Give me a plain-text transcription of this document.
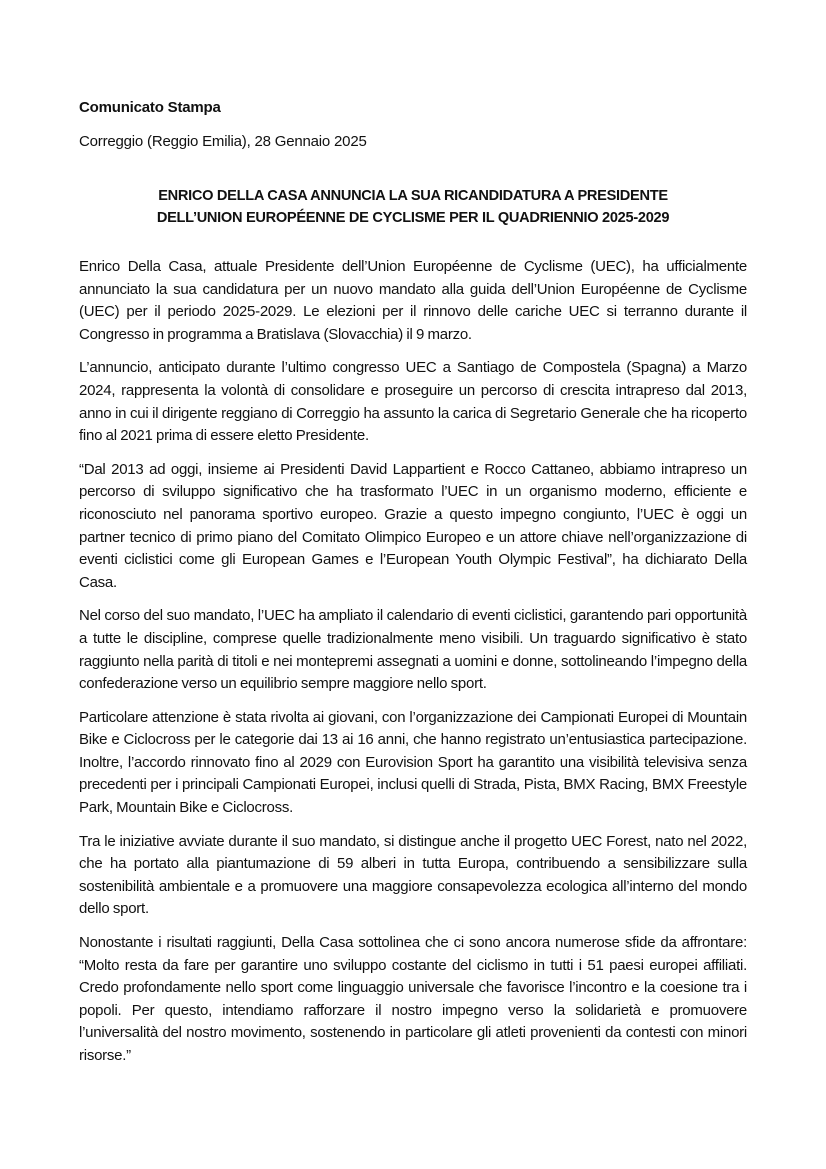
Comunicato Stampa

Correggio (Reggio Emilia), 28 Gennaio 2025

ENRICO DELLA CASA ANNUNCIA LA SUA RICANDIDATURA A PRESIDENTE
DELL’UNION EUROPÉENNE DE CYCLISME PER IL QUADRIENNIO 2025-2029

Enrico Della Casa, attuale Presidente dell’Union Européenne de Cyclisme (UEC), ha ufficialmente annunciato la sua candidatura per un nuovo mandato alla guida dell’Union Européenne de Cyclisme (UEC) per il periodo 2025-2029. Le elezioni per il rinnovo delle cariche UEC si terranno durante il Congresso in programma a Bratislava (Slovacchia) il 9 marzo.

L’annuncio, anticipato durante l’ultimo congresso UEC a Santiago de Compostela (Spagna) a Marzo 2024, rappresenta la volontà di consolidare e proseguire un percorso di crescita intrapreso dal 2013, anno in cui il dirigente reggiano di Correggio ha assunto la carica di Segretario Generale che ha ricoperto fino al 2021 prima di essere eletto Presidente.

“Dal 2013 ad oggi, insieme ai Presidenti David Lappartient e Rocco Cattaneo, abbiamo intrapreso un percorso di sviluppo significativo che ha trasformato l’UEC in un organismo moderno, efficiente e riconosciuto nel panorama sportivo europeo. Grazie a questo impegno congiunto, l’UEC è oggi un partner tecnico di primo piano del Comitato Olimpico Europeo e un attore chiave nell’organizzazione di eventi ciclistici come gli European Games e l’European Youth Olympic Festival”, ha dichiarato Della Casa.

Nel corso del suo mandato, l’UEC ha ampliato il calendario di eventi ciclistici, garantendo pari opportunità a tutte le discipline, comprese quelle tradizionalmente meno visibili. Un traguardo significativo è stato raggiunto nella parità di titoli e nei montepremi assegnati a uomini e donne, sottolineando l’impegno della confederazione verso un equilibrio sempre maggiore nello sport.

Particolare attenzione è stata rivolta ai giovani, con l’organizzazione dei Campionati Europei di Mountain Bike e Ciclocross per le categorie dai 13 ai 16 anni, che hanno registrato un’entusiastica partecipazione. Inoltre, l’accordo rinnovato fino al 2029 con Eurovision Sport ha garantito una visibilità televisiva senza precedenti per i principali Campionati Europei, inclusi quelli di Strada, Pista, BMX Racing, BMX Freestyle Park, Mountain Bike e Ciclocross.

Tra le iniziative avviate durante il suo mandato, si distingue anche il progetto UEC Forest, nato nel 2022, che ha portato alla piantumazione di 59 alberi in tutta Europa, contribuendo a sensibilizzare sulla sostenibilità ambientale e a promuovere una maggiore consapevolezza ecologica all’interno del mondo dello sport.

Nonostante i risultati raggiunti, Della Casa sottolinea che ci sono ancora numerose sfide da affrontare: “Molto resta da fare per garantire uno sviluppo costante del ciclismo in tutti i 51 paesi europei affiliati. Credo profondamente nello sport come linguaggio universale che favorisce l’incontro e la coesione tra i popoli. Per questo, intendiamo rafforzare il nostro impegno verso la solidarietà e promuovere l’universalità del nostro movimento, sostenendo in particolare gli atleti provenienti da contesti con minori risorse.”
